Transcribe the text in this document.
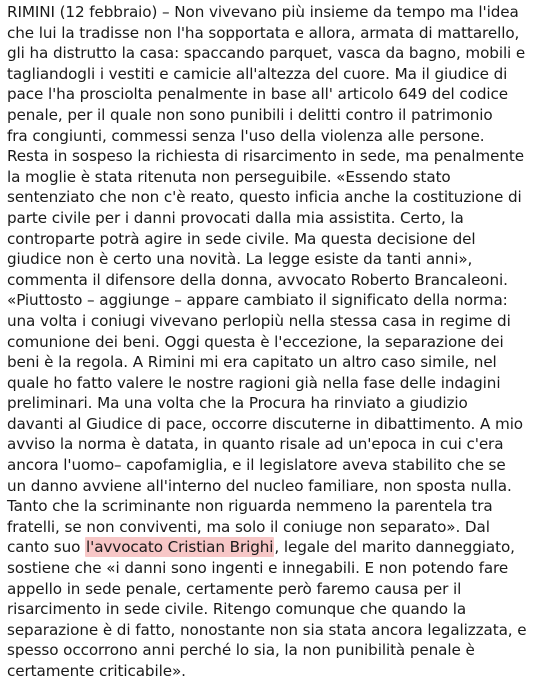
RIMINI (12 febbraio) – Non vivevano più insieme da tempo ma l'idea
che lui la tradisse non l'ha sopportata e allora, armata di mattarello,
gli ha distrutto la casa: spaccando parquet, vasca da bagno, mobili e
tagliandogli i vestiti e camicie all'altezza del cuore. Ma il giudice di
pace l'ha prosciolta penalmente in base all' articolo 649 del codice
penale, per il quale non sono punibili i delitti contro il patrimonio
fra congiunti, commessi senza l'uso della violenza alle persone.
Resta in sospeso la richiesta di risarcimento in sede, ma penalmente
la moglie è stata ritenuta non perseguibile. «Essendo stato
sentenziato che non c'è reato, questo inficia anche la costituzione di
parte civile per i danni provocati dalla mia assistita. Certo, la
controparte potrà agire in sede civile. Ma questa decisione del
giudice non è certo una novità. La legge esiste da tanti anni»,
commenta il difensore della donna, avvocato Roberto Brancaleoni.
«Piuttosto – aggiunge – appare cambiato il significato della norma:
una volta i coniugi vivevano perlopiù nella stessa casa in regime di
comunione dei beni. Oggi questa è l'eccezione, la separazione dei
beni è la regola. A Rimini mi era capitato un altro caso simile, nel
quale ho fatto valere le nostre ragioni già nella fase delle indagini
preliminari. Ma una volta che la Procura ha rinviato a giudizio
davanti al Giudice di pace, occorre discuterne in dibattimento. A mio
avviso la norma è datata, in quanto risale ad un'epoca in cui c'era
ancora l'uomo– capofamiglia, e il legislatore aveva stabilito che se
un danno avviene all'interno del nucleo familiare, non sposta nulla.
Tanto che la scriminante non riguarda nemmeno la parentela tra
fratelli, se non conviventi, ma solo il coniuge non separato». Dal
canto suo l'avvocato Cristian Brighi, legale del marito danneggiato,
sostiene che «i danni sono ingenti e innegabili. E non potendo fare
appello in sede penale, certamente però faremo causa per il
risarcimento in sede civile. Ritengo comunque che quando la
separazione è di fatto, nonostante non sia stata ancora legalizzata, e
spesso occorrono anni perché lo sia, la non punibilità penale è
certamente criticabile».
